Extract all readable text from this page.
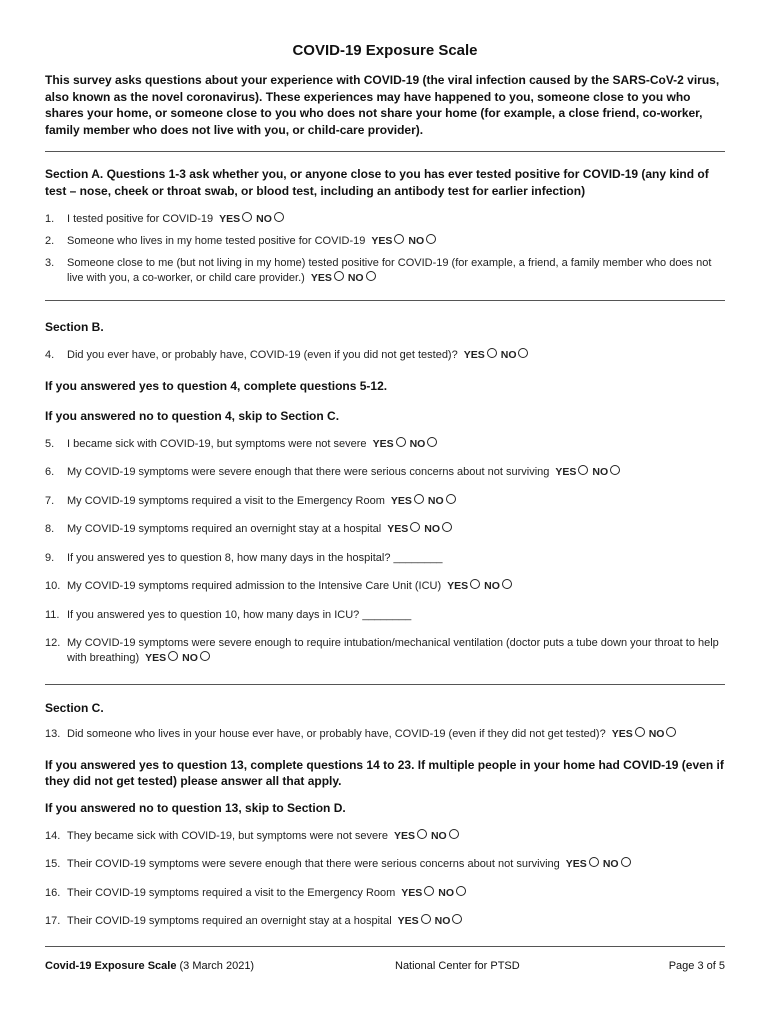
COVID-19 Exposure Scale
This survey asks questions about your experience with COVID-19 (the viral infection caused by the SARS-CoV-2 virus, also known as the novel coronavirus). These experiences may have happened to you, someone close to you who shares your home, or someone close to you who does not share your home (for example, a close friend, co-worker, family member who does not live with you, or child-care provider).
Section A. Questions 1-3 ask whether you, or anyone close to you has ever tested positive for COVID-19 (any kind of test – nose, cheek or throat swab, or blood test, including an antibody test for earlier infection)
1.	I tested positive for COVID-19 YES NO
2.	Someone who lives in my home tested positive for COVID-19 YES NO
3.	Someone close to me (but not living in my home) tested positive for COVID-19 (for example, a friend, a family member who does not live with you, a co-worker, or child care provider.) YES NO
Section B.
4.	Did you ever have, or probably have, COVID-19 (even if you did not get tested)? YES NO
If you answered yes to question 4, complete questions 5-12.
If you answered no to question 4, skip to Section C.
5.	I became sick with COVID-19, but symptoms were not severe YES NO
6.	My COVID-19 symptoms were severe enough that there were serious concerns about not surviving YES NO
7.	My COVID-19 symptoms required a visit to the Emergency Room YES NO
8.	My COVID-19 symptoms required an overnight stay at a hospital YES NO
9.	If you answered yes to question 8, how many days in the hospital? ________
10. My COVID-19 symptoms required admission to the Intensive Care Unit (ICU) YES NO
11. If you answered yes to question 10, how many days in ICU? ________
12. My COVID-19 symptoms were severe enough to require intubation/mechanical ventilation (doctor puts a tube down your throat to help with breathing) YES NO
Section C.
13. Did someone who lives in your house ever have, or probably have, COVID-19 (even if they did not get tested)? YES NO
If you answered yes to question 13, complete questions 14 to 23. If multiple people in your home had COVID-19 (even if they did not get tested) please answer all that apply.
If you answered no to question 13, skip to Section D.
14. They became sick with COVID-19, but symptoms were not severe YES NO
15. Their COVID-19 symptoms were severe enough that there were serious concerns about not surviving YES NO
16. Their COVID-19 symptoms required a visit to the Emergency Room YES NO
17. Their COVID-19 symptoms required an overnight stay at a hospital YES NO
Covid-19 Exposure Scale (3 March 2021)	National Center for PTSD	Page 3 of 5
